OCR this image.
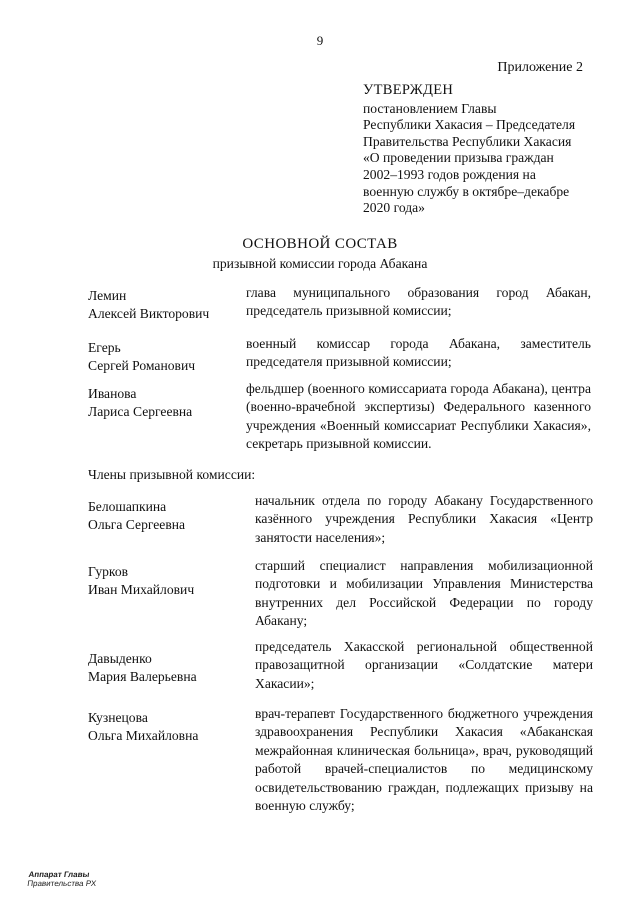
9
Приложение 2
УТВЕРЖДЕН
постановлением Главы
Республики Хакасия – Председателя
Правительства Республики Хакасия
«О проведении призыва граждан
2002–1993 годов рождения на
военную службу в октябре–декабре
2020 года»
ОСНОВНОЙ СОСТАВ
призывной комиссии города Абакана
Лемин
Алексей Викторович
глава муниципального образования город Абакан, председатель призывной комиссии;
Егерь
Сергей Романович
военный комиссар города Абакана, заместитель председателя призывной комиссии;
Иванова
Лариса Сергеевна
фельдшер (военного комиссариата города Абакана), центра (военно-врачебной экспертизы) Федерального казенного учреждения «Военный комиссариат Республики Хакасия», секретарь призывной комиссии.
Члены призывной комиссии:
Белошапкина
Ольга Сергеевна
начальник отдела по городу Абакану Государственного казённого учреждения Республики Хакасия «Центр занятости населения»;
Гурков
Иван Михайлович
старший специалист направления мобилизационной подготовки и мобилизации Управления Министерства внутренних дел Российской Федерации по городу Абакану;
Давыденко
Мария Валерьевна
председатель Хакасской региональной общественной правозащитной организации «Солдатские матери Хакасии»;
Кузнецова
Ольга Михайловна
врач-терапевт Государственного бюджетного учреждения здравоохранения Республики Хакасия «Абаканская межрайонная клиническая больница», врач, руководящий работой врачей-специалистов по медицинскому освидетельствованию граждан, подлежащих призыву на военную службу;
Аппарат Главы
Правительства РХ
